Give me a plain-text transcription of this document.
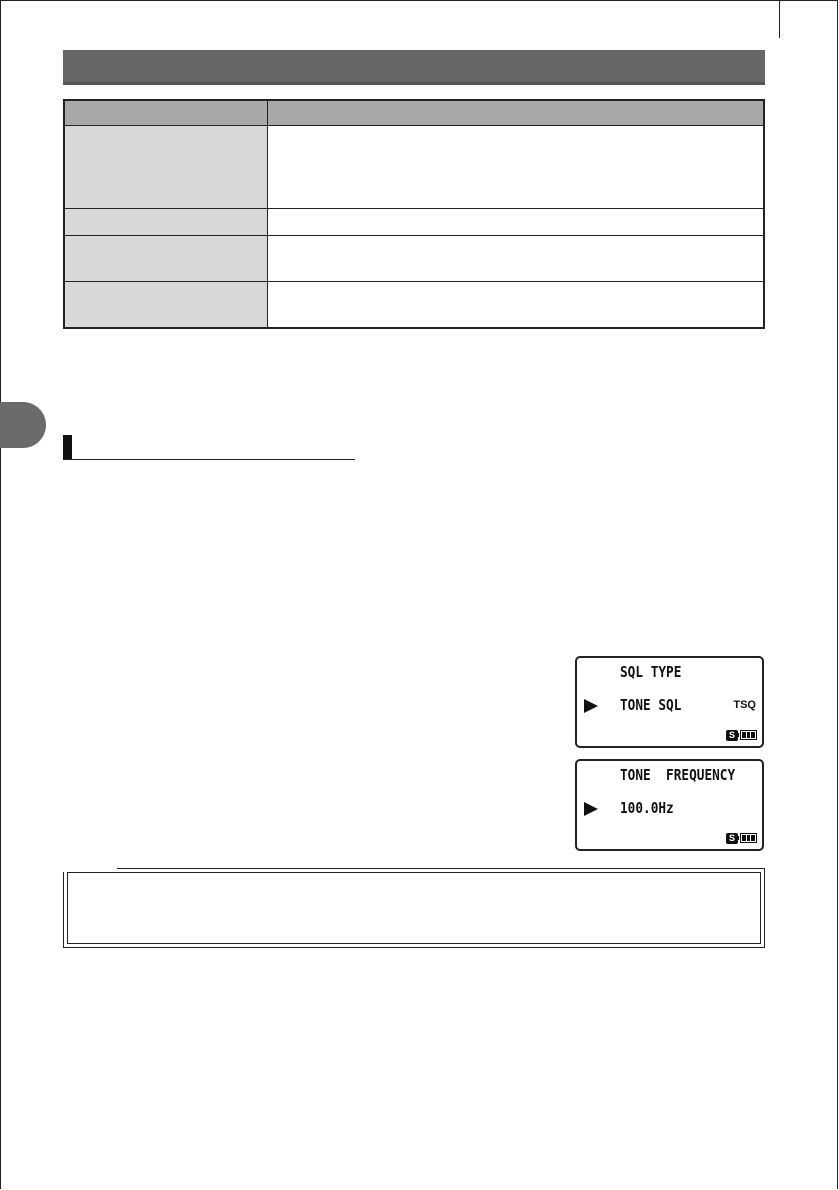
SQL TYPE
TONE SQL	TSQ
S
TONE  FREQUENCY
100.0Hz
S
